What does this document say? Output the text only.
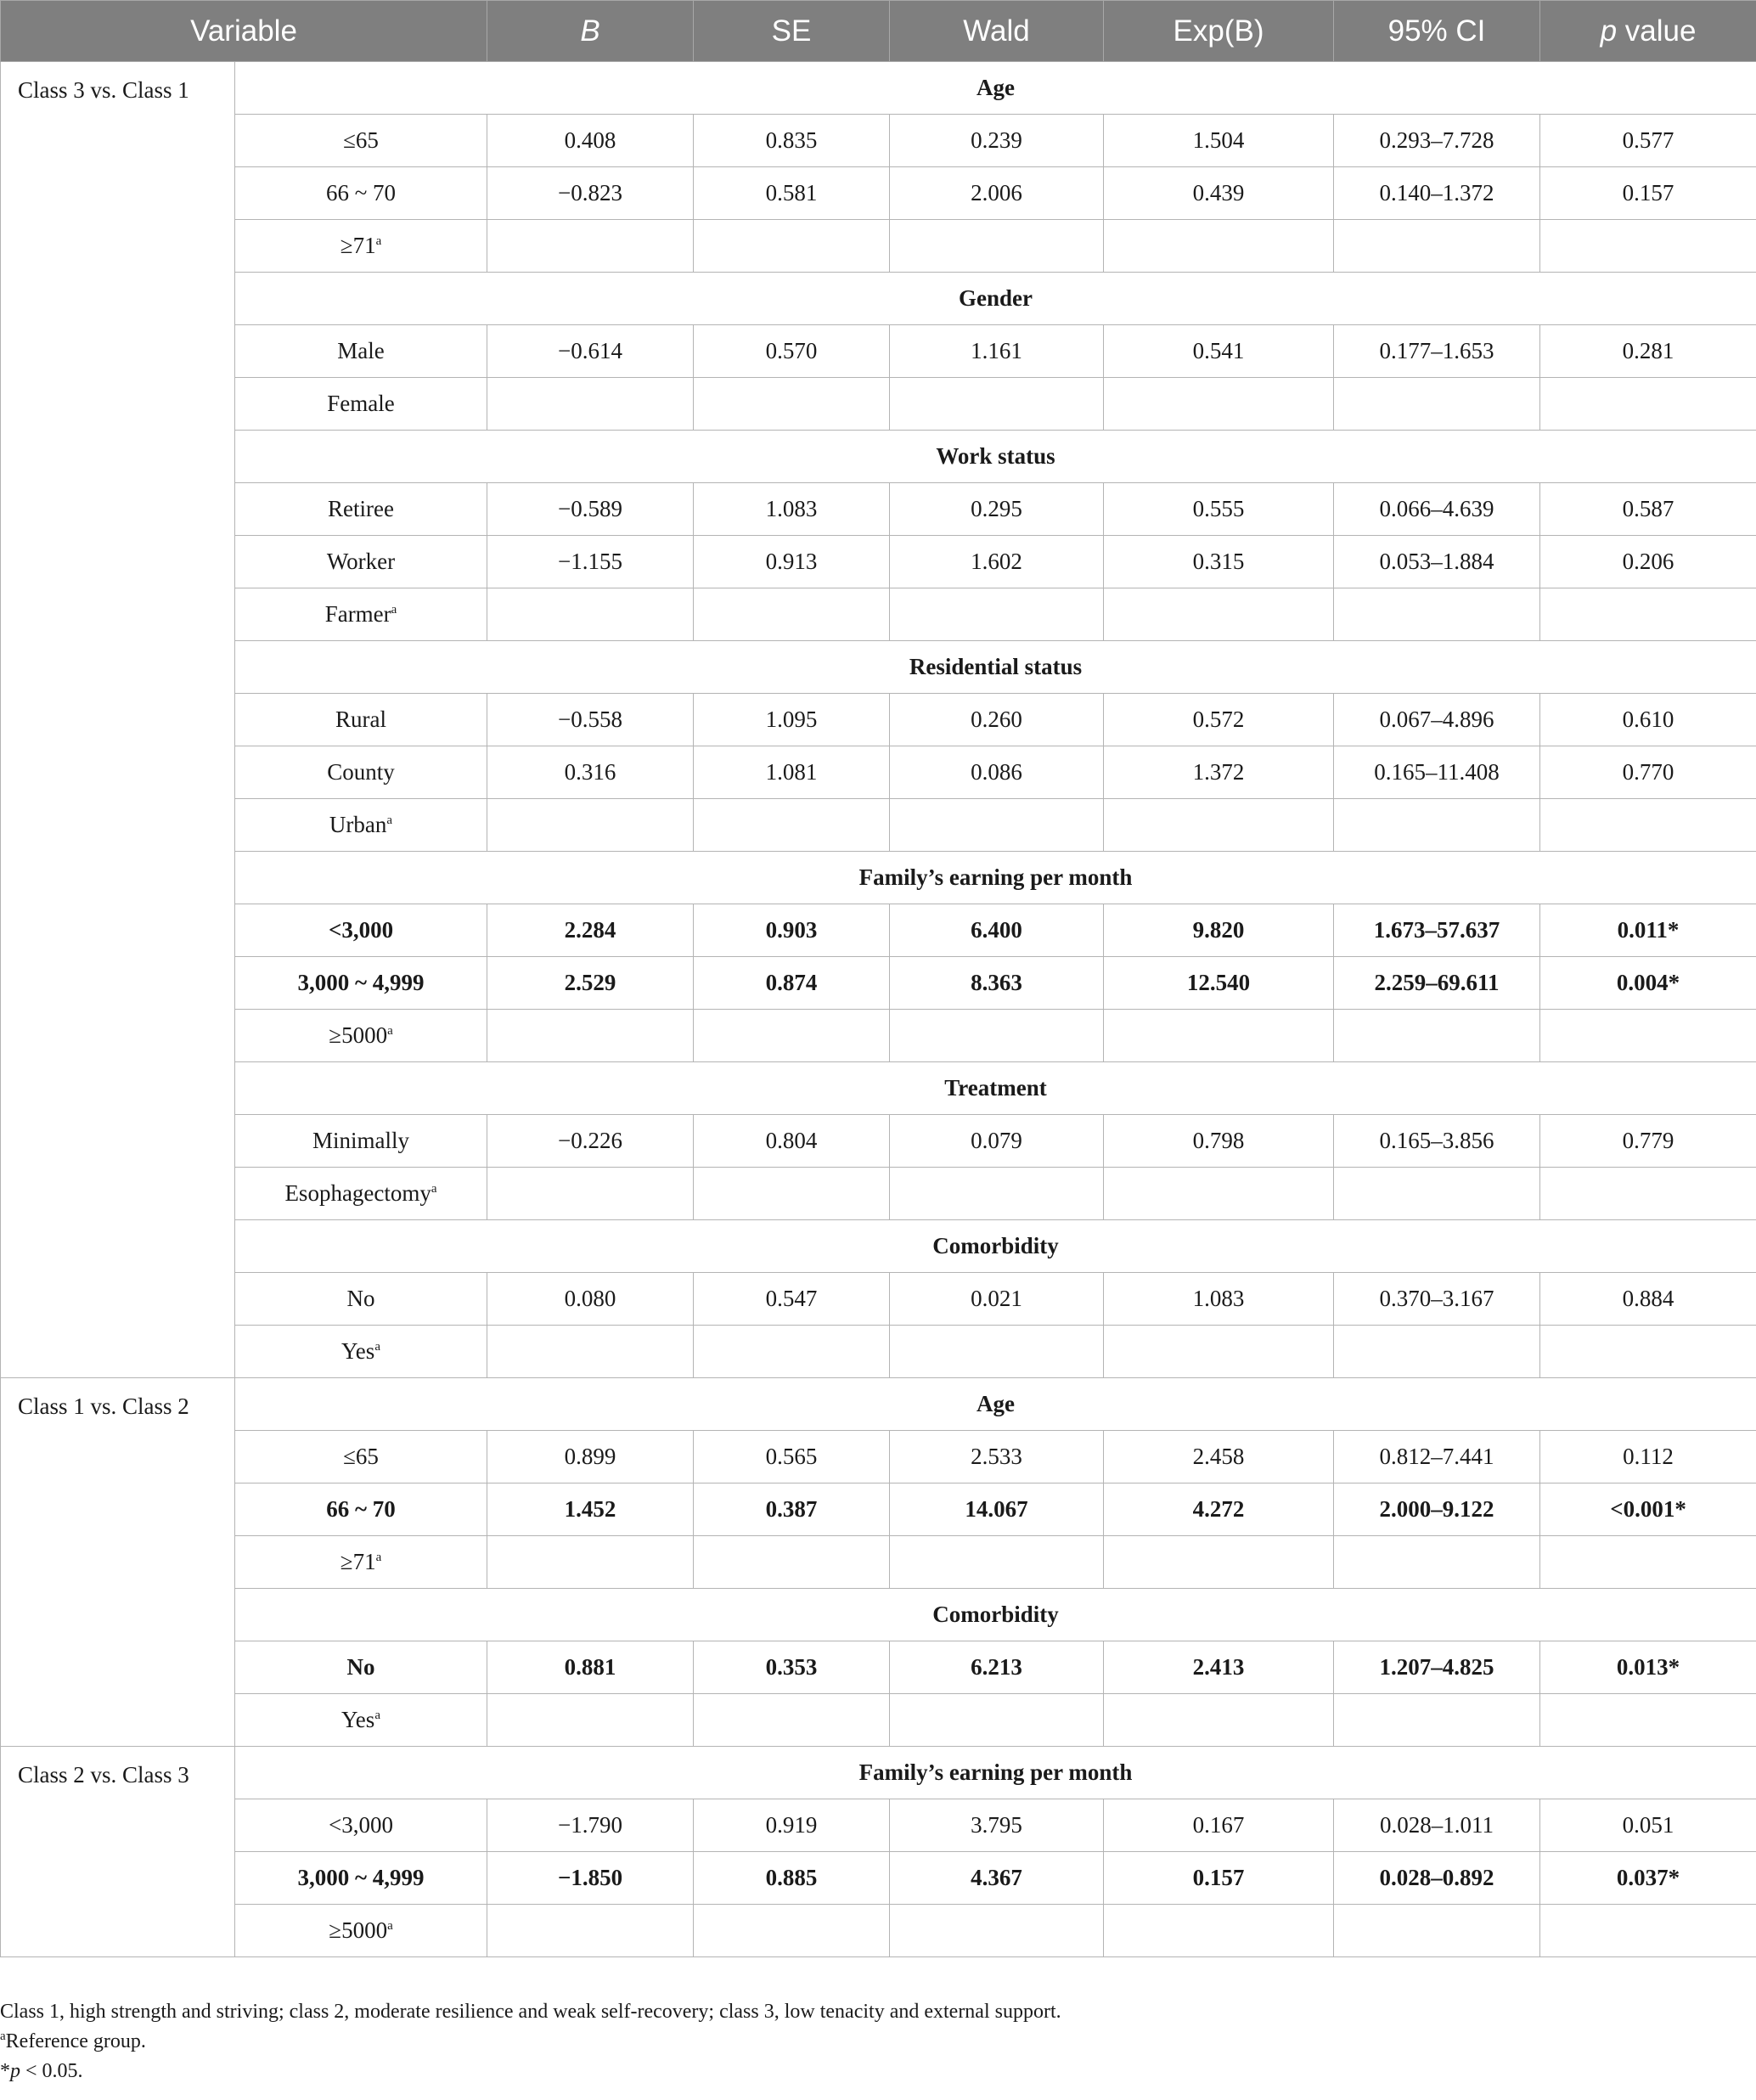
Variable		B	SE	Wald	Exp(B)	95% CI	p value
Class 3 vs. Class 1	Age						
	≤65	0.408	0.835	0.239	1.504	0.293–7.728	0.577
	66 ~ 70	−0.823	0.581	2.006	0.439	0.140–1.372	0.157
	$\ge 71^a$						
	Gender						
	Male	−0.614	0.570	1.161	0.541	0.177–1.653	0.281
	Female						
	Work status						
	Retiree	−0.589	1.083	0.295	0.555	0.066–4.639	0.587
	Worker	−1.155	0.913	1.602	0.315	0.053–1.884	0.206
	Farmer$^a$						
	Residential status						
	Rural	−0.558	1.095	0.260	0.572	0.067–4.896	0.610
	County	0.316	1.081	0.086	1.372	0.165–11.408	0.770
	Urban$^a$						
	Family’s earning per month						
	<3,000	2.284	0.903	6.400	9.820	1.673–57.637	0.011*
	3,000 ~ 4,999	2.529	0.874	8.363	12.540	2.259–69.611	0.004*
	$\ge 5000^a$						
	Treatment						
	Minimally	−0.226	0.804	0.079	0.798	0.165–3.856	0.779
	Esophagectomy$^a$						
	Comorbidity						
	No	0.080	0.547	0.021	1.083	0.370–3.167	0.884
	Yes$^a$						
Class 1 vs. Class 2	Age						
	≤65	0.899	0.565	2.533	2.458	0.812–7.441	0.112
	66 ~ 70	1.452	0.387	14.067	4.272	2.000–9.122	<0.001*
	$\ge 71^a$						
	Comorbidity						
	No	0.881	0.353	6.213	2.413	1.207–4.825	0.013*
	Yes$^a$						
Class 2 vs. Class 3	Family’s earning per month						
	<3,000	−1.790	0.919	3.795	0.167	0.028–1.011	0.051
	3,000 ~ 4,999	−1.850	0.885	4.367	0.157	0.028–0.892	0.037*
	$\ge 5000^a$						

Class 1, high strength and striving; class 2, moderate resilience and weak self-recovery; class 3, low tenacity and external support.

$^a$Reference group.

*p < 0.05.
